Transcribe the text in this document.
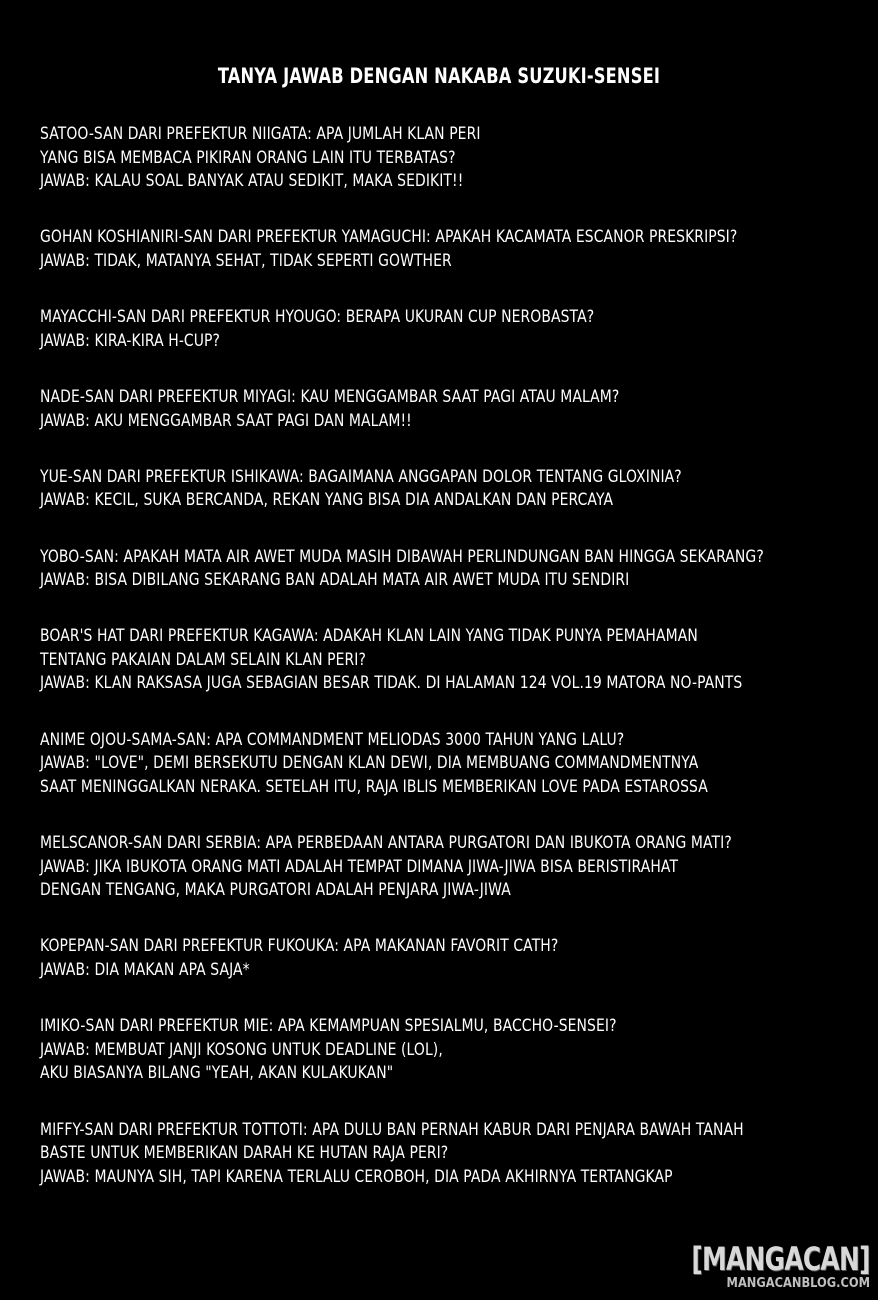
TANYA JAWAB DENGAN NAKABA SUZUKI-SENSEI
SATOO-SAN DARI PREFEKTUR NIIGATA: APA JUMLAH KLAN PERI
YANG BISA MEMBACA PIKIRAN ORANG LAIN ITU TERBATAS?
JAWAB: KALAU SOAL BANYAK ATAU SEDIKIT, MAKA SEDIKIT!!
GOHAN KOSHIANIRI-SAN DARI PREFEKTUR YAMAGUCHI: APAKAH KACAMATA ESCANOR PRESKRIPSI?
JAWAB: TIDAK, MATANYA SEHAT, TIDAK SEPERTI GOWTHER
MAYACCHI-SAN DARI PREFEKTUR HYOUGO: BERAPA UKURAN CUP NEROBASTA?
JAWAB: KIRA-KIRA H-CUP?
NADE-SAN DARI PREFEKTUR MIYAGI: KAU MENGGAMBAR SAAT PAGI ATAU MALAM?
JAWAB: AKU MENGGAMBAR SAAT PAGI DAN MALAM!!
YUE-SAN DARI PREFEKTUR ISHIKAWA: BAGAIMANA ANGGAPAN DOLOR TENTANG GLOXINIA?
JAWAB: KECIL, SUKA BERCANDA, REKAN YANG BISA DIA ANDALKAN DAN PERCAYA
YOBO-SAN: APAKAH MATA AIR AWET MUDA MASIH DIBAWAH PERLINDUNGAN BAN HINGGA SEKARANG?
JAWAB: BISA DIBILANG SEKARANG BAN ADALAH MATA AIR AWET MUDA ITU SENDIRI
BOAR'S HAT DARI PREFEKTUR KAGAWA: ADAKAH KLAN LAIN YANG TIDAK PUNYA PEMAHAMAN
TENTANG PAKAIAN DALAM SELAIN KLAN PERI?
JAWAB: KLAN RAKSASA JUGA SEBAGIAN BESAR TIDAK. DI HALAMAN 124 VOL.19 MATORA NO-PANTS
ANIME OJOU-SAMA-SAN: APA COMMANDMENT MELIODAS 3000 TAHUN YANG LALU?
JAWAB: "LOVE", DEMI BERSEKUTU DENGAN KLAN DEWI, DIA MEMBUANG COMMANDMENTNYA
SAAT MENINGGALKAN NERAKA. SETELAH ITU, RAJA IBLIS MEMBERIKAN LOVE PADA ESTAROSSA
MELSCANOR-SAN DARI SERBIA: APA PERBEDAAN ANTARA PURGATORI DAN IBUKOTA ORANG MATI?
JAWAB: JIKA IBUKOTA ORANG MATI ADALAH TEMPAT DIMANA JIWA-JIWA BISA BERISTIRAHAT
DENGAN TENGANG, MAKA PURGATORI ADALAH PENJARA JIWA-JIWA
KOPEPAN-SAN DARI PREFEKTUR FUKOUKA: APA MAKANAN FAVORIT CATH?
JAWAB: DIA MAKAN APA SAJA*
IMIKO-SAN DARI PREFEKTUR MIE: APA KEMAMPUAN SPESIALMU, BACCHO-SENSEI?
JAWAB: MEMBUAT JANJI KOSONG UNTUK DEADLINE (LOL),
AKU BIASANYA BILANG "YEAH, AKAN KULAKUKAN"
MIFFY-SAN DARI PREFEKTUR TOTTOTI: APA DULU BAN PERNAH KABUR DARI PENJARA BAWAH TANAH
BASTE UNTUK MEMBERIKAN DARAH KE HUTAN RAJA PERI?
JAWAB: MAUNYA SIH, TAPI KARENA TERLALU CEROBOH, DIA PADA AKHIRNYA TERTANGKAP
[MANGACAN]
MANGACANBLOG.COM
